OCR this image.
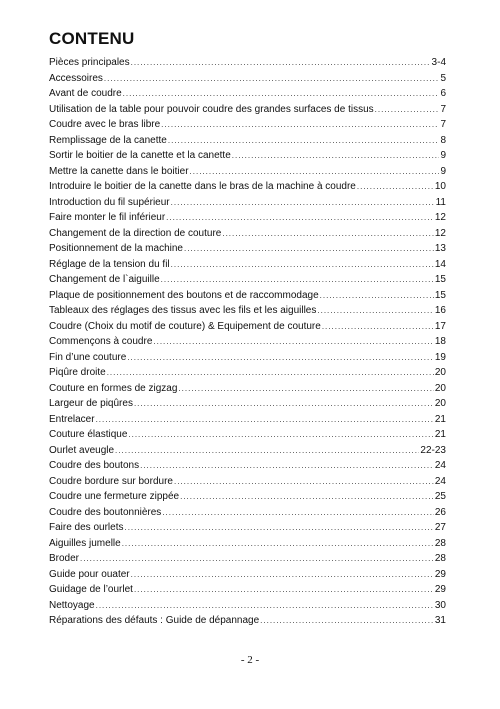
CONTENU
Pièces principales .....	3-4
Accessoires .....	5
Avant de coudre .....	6
Utilisation de la table pour pouvoir coudre des grandes surfaces de tissus .....	7
Coudre avec le bras libre .....	7
Remplissage de la canette .....	8
Sortir le boitier de la canette et la canette .....	9
Mettre la canette dans le boitier .....	9
Introduire le boitier de la canette dans le bras de la machine à coudre .....	10
Introduction du fil supérieur .....	11
Faire monter le fil inférieur .....	12
Changement de la direction de couture .....	12
Positionnement de la machine .....	13
Réglage de la tension du fil .....	14
Changement de l`aiguille .....	15
Plaque de positionnement des boutons et de raccommodage .....	15
Tableaux des réglages des tissus avec les fils et les aiguilles .....	16
Coudre (Choix du motif de couture) & Equipement de couture .....	17
Commençons à coudre .....	18
Fin d’une couture .....	19
Piqûre droite .....	20
Couture en formes de zigzag .....	20
Largeur de piqûres .....	20
Entrelacer .....	21
Couture élastique .....	21
Ourlet aveugle .....	22-23
Coudre des boutons .....	24
Coudre bordure sur bordure .....	24
Coudre une fermeture zippée .....	25
Coudre des boutonnières .....	26
Faire des ourlets .....	27
Aiguilles jumelle .....	28
Broder .....	28
Guide pour ouater .....	29
Guidage de l’ourlet .....	29
Nettoyage .....	30
Réparations des défauts : Guide de dépannage .....	31
- 2 -
